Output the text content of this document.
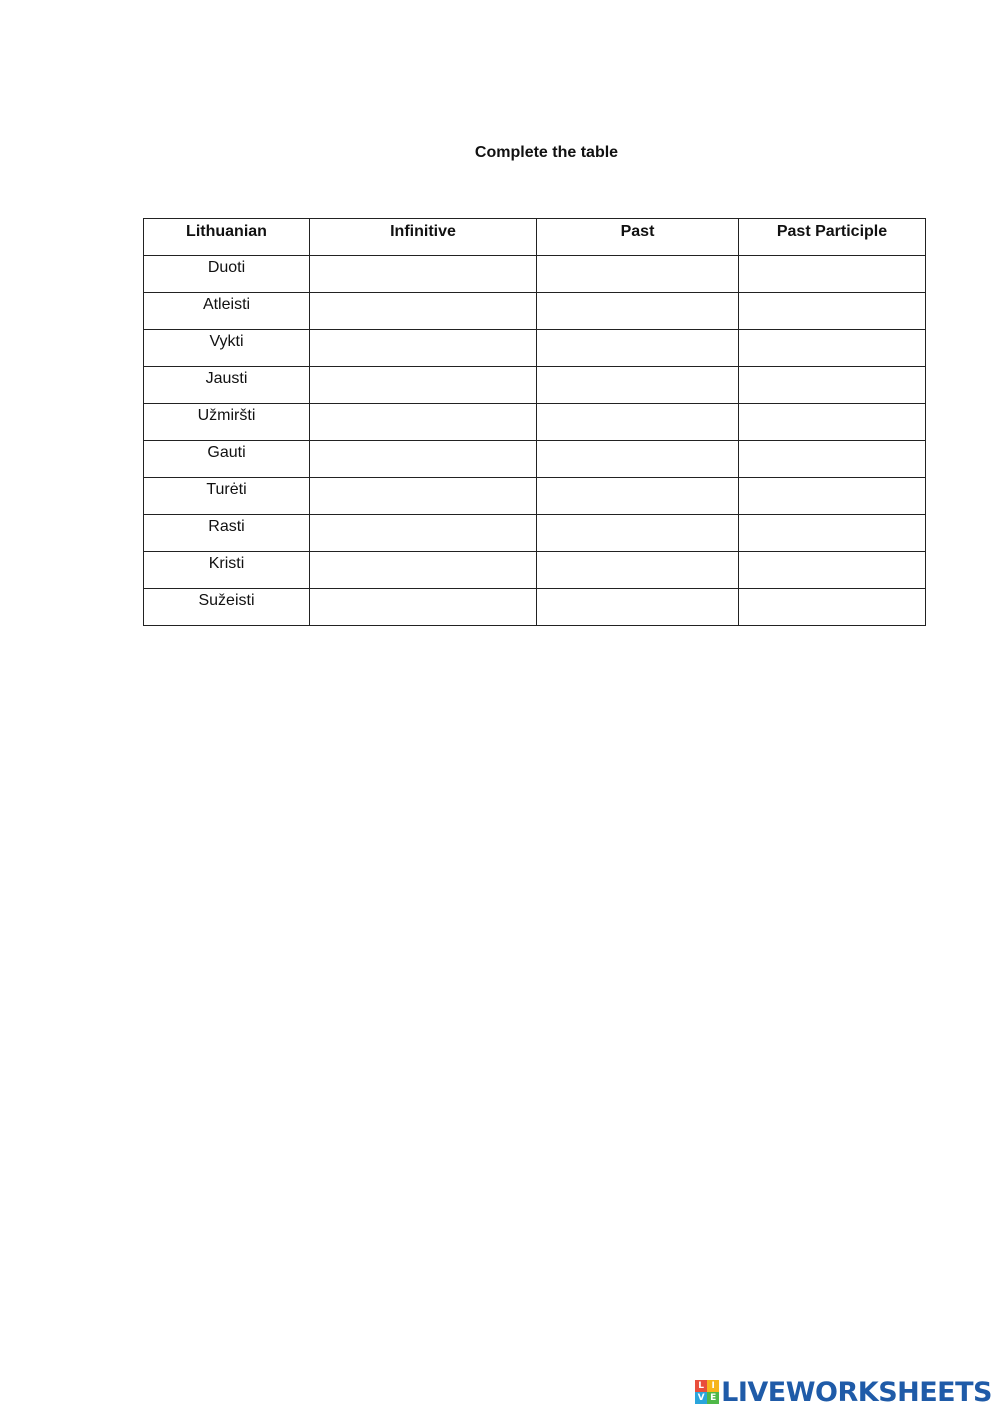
Complete the table
Lithuanian	Infinitive	Past	Past Participle
Duoti			
Atleisti			
Vykti			
Jausti			
Užmiršti			
Gauti			
Turėti			
Rasti			
Kristi			
Sužeisti			
L I
V E LIVEWORKSHEETS
